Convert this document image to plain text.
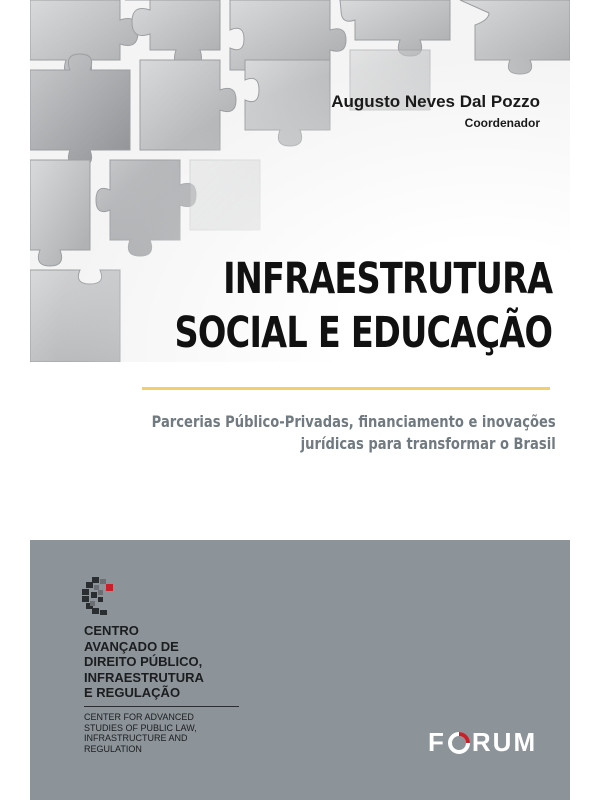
Augusto Neves Dal Pozzo
Coordenador
INFRAESTRUTURA
SOCIAL E EDUCAÇÃO
Parcerias Público-Privadas, financiamento e inovações
jurídicas para transformar o Brasil
CENTRO
AVANÇADO DE
DIREITO PÚBLICO,
INFRAESTRUTURA
E REGULAÇÃO
CENTER FOR ADVANCED
STUDIES OF PUBLIC LAW,
INFRASTRUCTURE AND
REGULATION	F RUM
